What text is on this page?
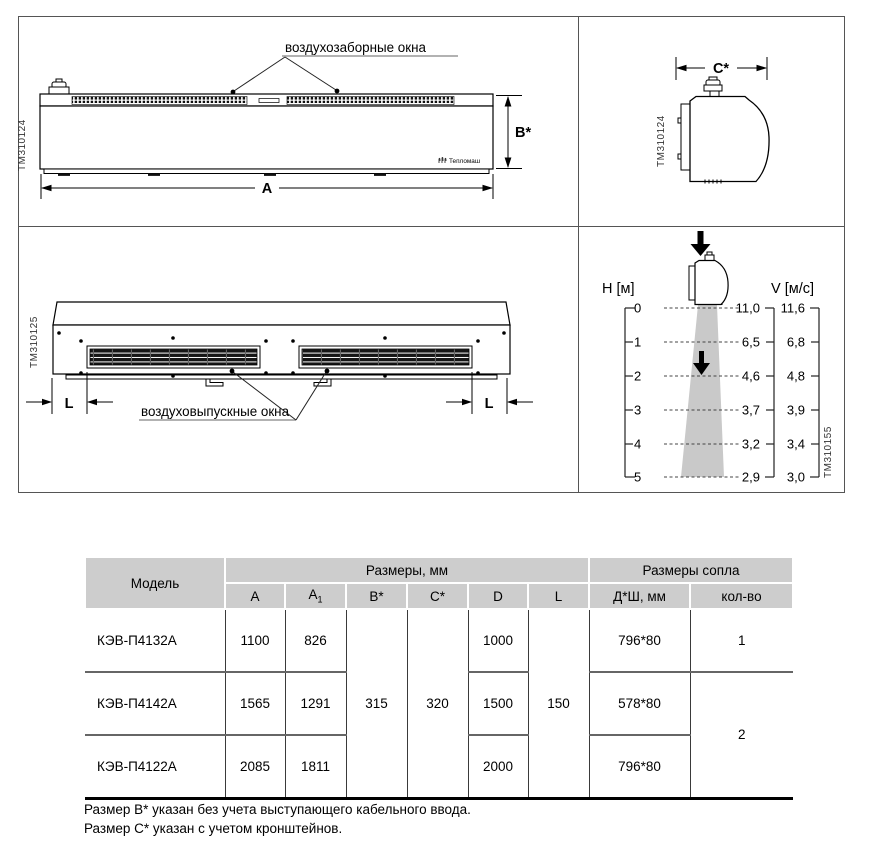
воздухозаборные окна
Тепломаш
B*
A
ТМ310124
C*
ТМ310124
L	L
воздуховыпускные окна
ТМ310125
H [м]	V [м/с]
0
1
2
3
4
5
11,0
6,5
4,6
3,7
3,2
2,9
11,6
6,8
4,8
3,9
3,4
3,0 ТМ310155
Модель	Размеры, мм						Размеры сопла	
	A	$A_1$	B*	C*	D	L	Д*Ш, мм	кол-во
КЭВ-П4132А	1100	826	315	320	1000	150	796*80	1
КЭВ-П4142А	1565	1291			1500		578*80	2
КЭВ-П4122А	2085	1811			2000		796*80	
Размер В* указан без учета выступающего кабельного ввода.
Размер С* указан с учетом кронштейнов.
